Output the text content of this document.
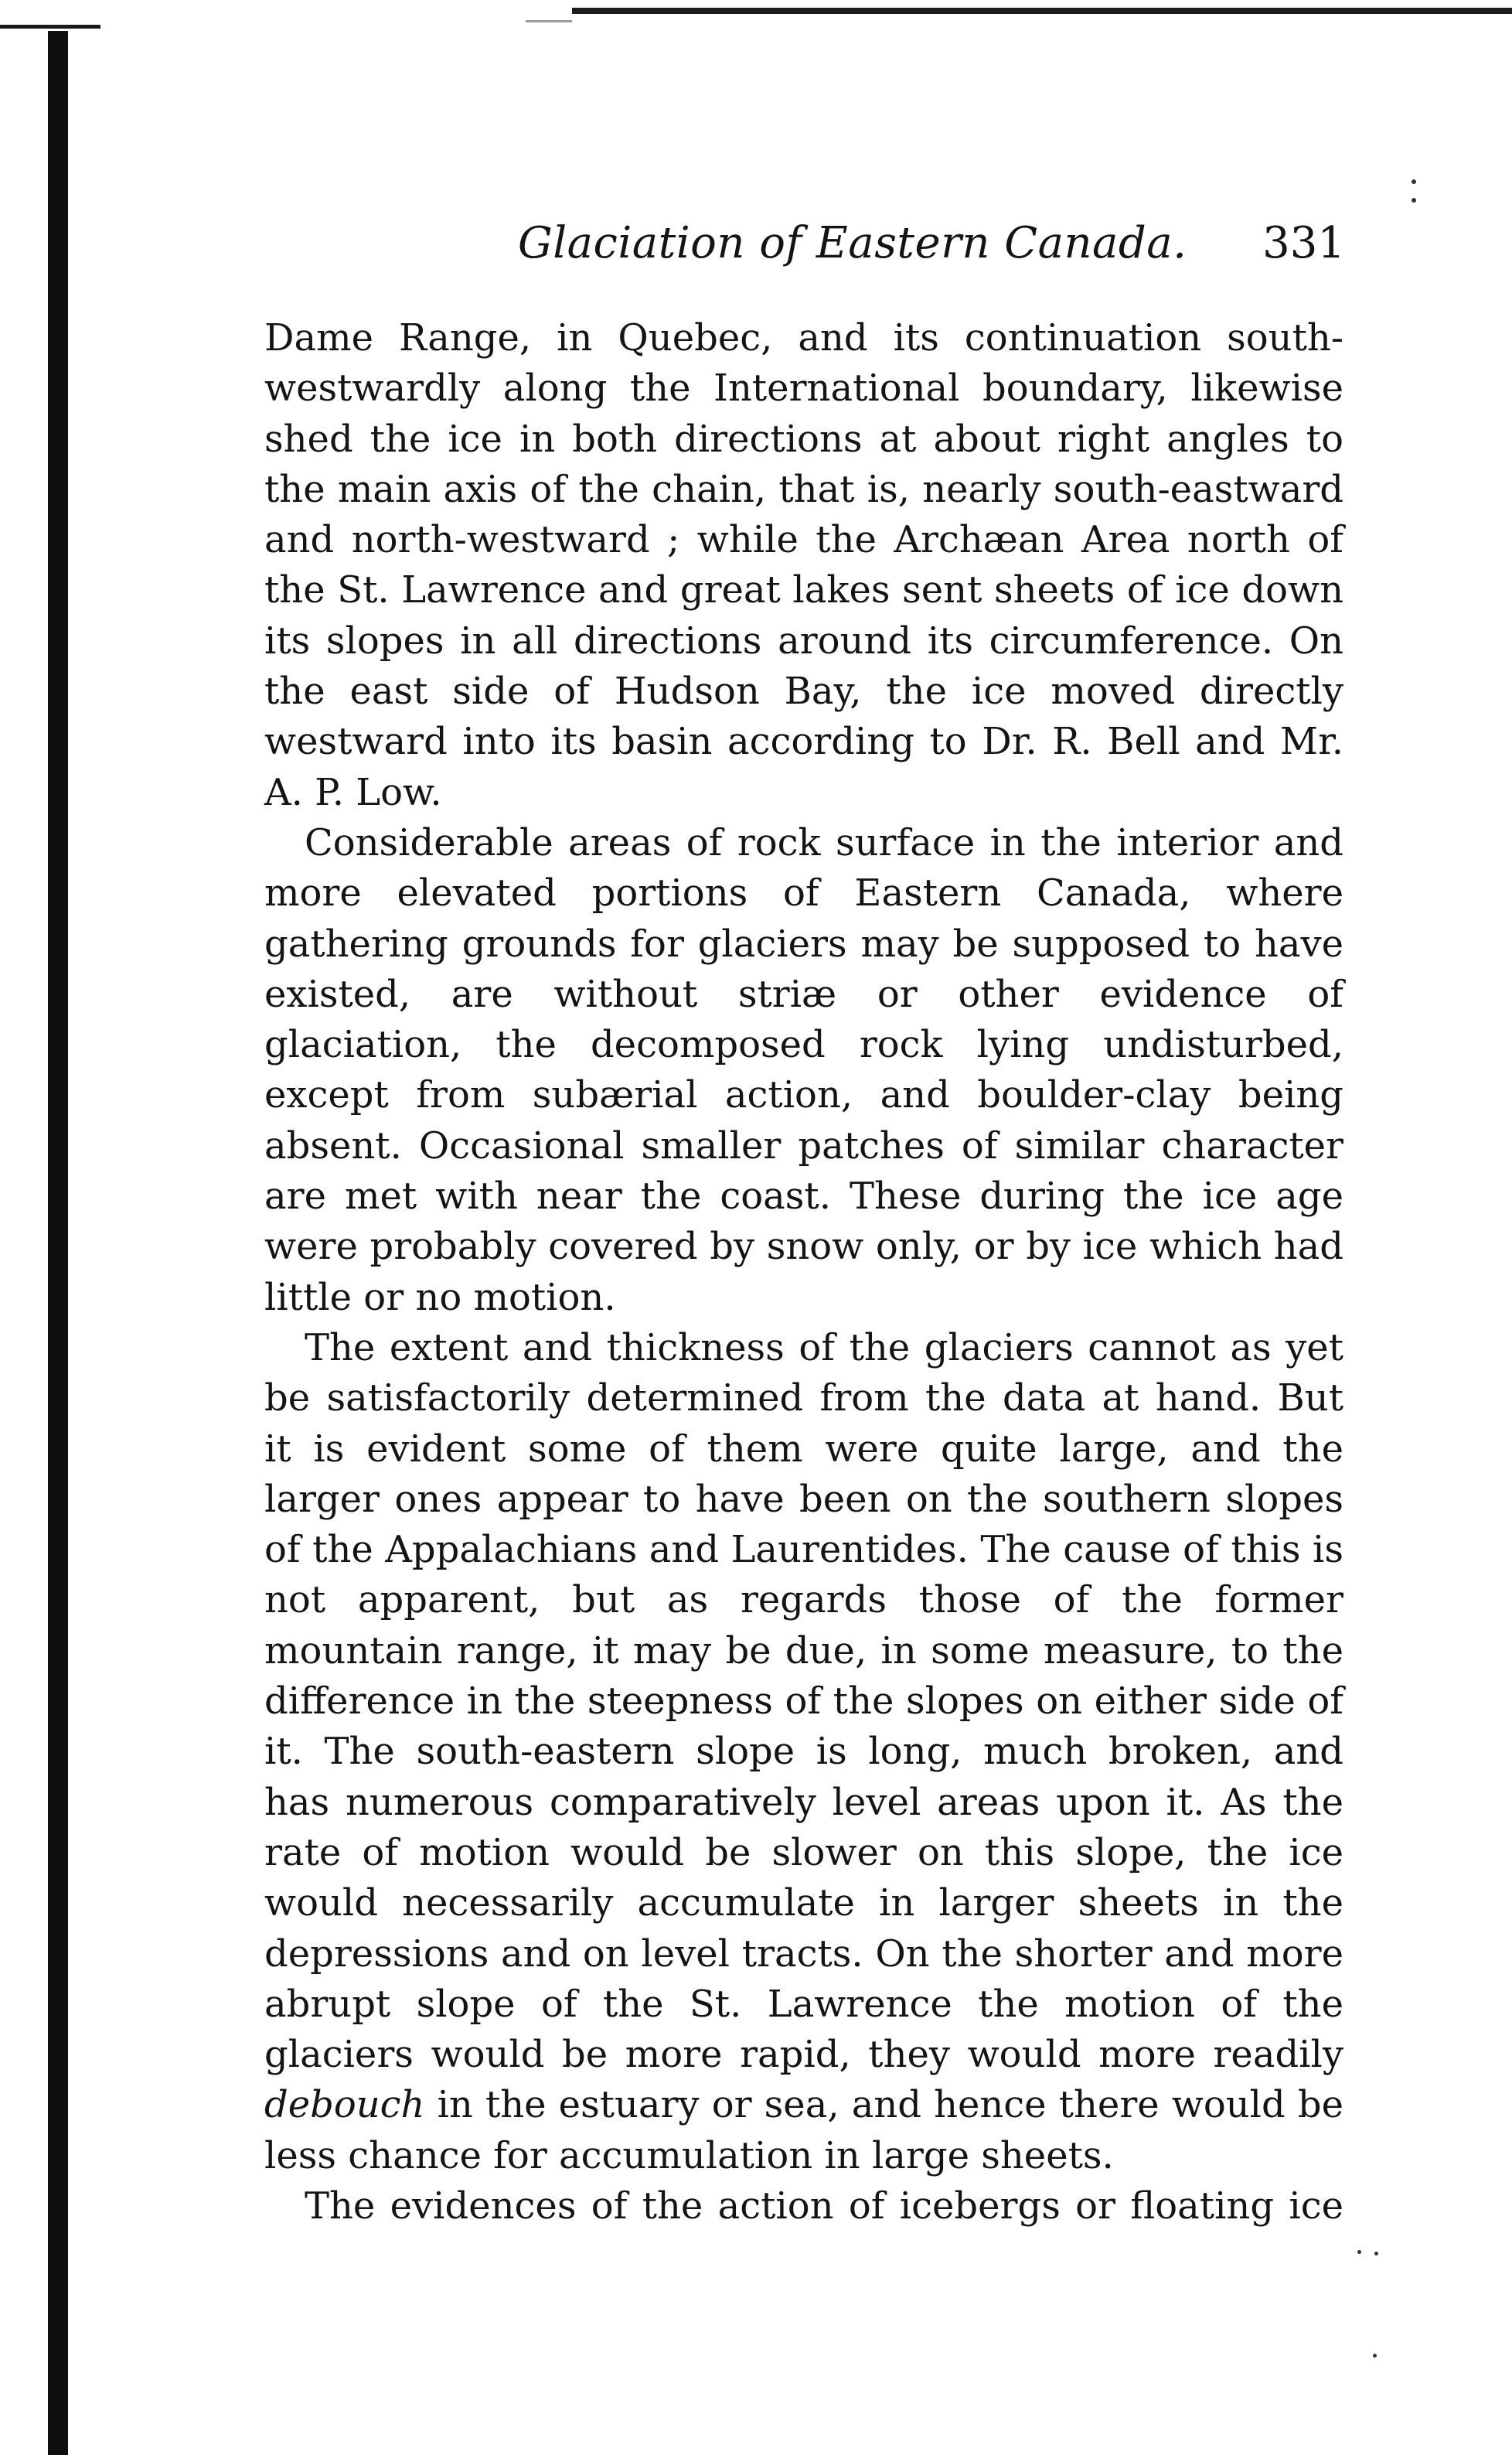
Glaciation of Eastern Canada. 331

Dame Range, in Quebec, and its continuation south-westwardly along the International boundary, likewise shed the ice in both directions at about right angles to the main axis of the chain, that is, nearly south-eastward and north-westward ; while the Archæan Area north of the St. Lawrence and great lakes sent sheets of ice down its slopes in all directions around its circumference. On the east side of Hudson Bay, the ice moved directly westward into its basin according to Dr. R. Bell and Mr. A. P. Low.

Considerable areas of rock surface in the interior and more elevated portions of Eastern Canada, where gathering grounds for glaciers may be supposed to have existed, are without striæ or other evidence of glaciation, the decomposed rock lying undisturbed, except from subærial action, and boulder-clay being absent. Occasional smaller patches of similar character are met with near the coast. These during the ice age were probably covered by snow only, or by ice which had little or no motion.

The extent and thickness of the glaciers cannot as yet be satisfactorily determined from the data at hand. But it is evident some of them were quite large, and the larger ones appear to have been on the southern slopes of the Appalachians and Laurentides. The cause of this is not apparent, but as regards those of the former mountain range, it may be due, in some measure, to the difference in the steepness of the slopes on either side of it. The south-eastern slope is long, much broken, and has numerous comparatively level areas upon it. As the rate of motion would be slower on this slope, the ice would necessarily accumulate in larger sheets in the depressions and on level tracts. On the shorter and more abrupt slope of the St. Lawrence the motion of the glaciers would be more rapid, they would more readily debouch in the estuary or sea, and hence there would be less chance for accumulation in large sheets.

The evidences of the action of icebergs or floating ice
